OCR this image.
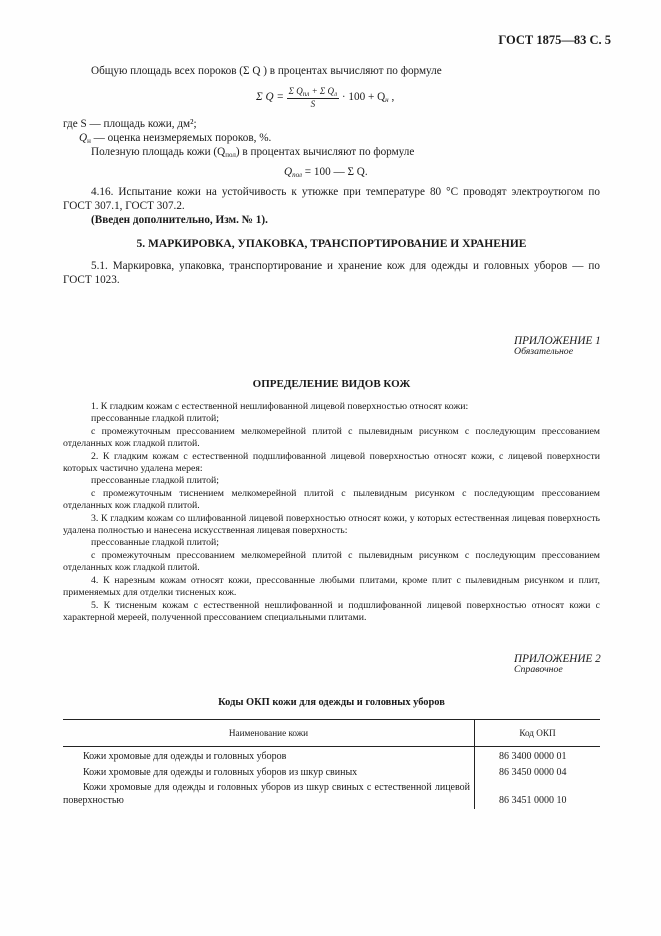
ГОСТ 1875—83 С. 5

Общую площадь всех пороков (Σ Q ) в процентах вычисляют по формуле

Σ $Q = \frac{\Sigma Q_{пл} + \Sigma Q_л}{S} \cdot 100 + Q_н$ ,

где S — площадь кожи, дм²;

$Q_н$ — оценка неизмеряемых пороков, %.

Полезную площадь кожи $(Q_{пол})$ в процентах вычисляют по формуле

$Q_{пол} = 100$ — Σ Q.

4.16. Испытание кожи на устойчивость к утюжке при температуре 80 °С проводят электроутюгом по ГОСТ 307.1, ГОСТ 307.2.

(Введен дополнительно, Изм. № 1).

5. МАРКИРОВКА, УПАКОВКА, ТРАНСПОРТИРОВАНИЕ И ХРАНЕНИЕ

5.1. Маркировка, упаковка, транспортирование и хранение кож для одежды и головных уборов — по ГОСТ 1023.

ПРИЛОЖЕНИЕ 1

Обязательное

ОПРЕДЕЛЕНИЕ ВИДОВ КОЖ

1. К гладким кожам с естественной нешлифованной лицевой поверхностью относят кожи:
прессованные гладкой плитой;
с промежуточным прессованием мелкомерейной плитой с пылевидным рисунком с последующим прессованием отделанных кож гладкой плитой.
2. К гладким кожам с естественной подшлифованной лицевой поверхностью относят кожи, с лицевой поверхности которых частично удалена мерея:
прессованные гладкой плитой;
с промежуточным тиснением мелкомерейной плитой с пылевидным рисунком с последующим прессованием отделанных кож гладкой плитой.
3. К гладким кожам со шлифованной лицевой поверхностью относят кожи, у которых естественная лицевая поверхность удалена полностью и нанесена искусственная лицевая поверхность:
прессованные гладкой плитой;
с промежуточным прессованием мелкомерейной плитой с пылевидным рисунком с последующим прессованием отделанных кож гладкой плитой.
4. К нарезным кожам относят кожи, прессованные любыми плитами, кроме плит с пылевидным рисунком и плит, применяемых для отделки тисненых кож.
5. К тисненым кожам с естественной нешлифованной и подшлифованной лицевой поверхностью относят кожи с характерной мереей, полученной прессованием специальными плитами.

ПРИЛОЖЕНИЕ 2

Справочное

Коды ОКП кожи для одежды и головных уборов

Наименование кожи	Код ОКП
Кожи хромовые для одежды и головных уборов	86 3400 0000 01
Кожи хромовые для одежды и головных уборов из шкур свиных	86 3450 0000 04
Кожи хромовые для одежды и головных уборов из шкур свиных с естественной лицевой поверхностью	86 3451 0000 10
